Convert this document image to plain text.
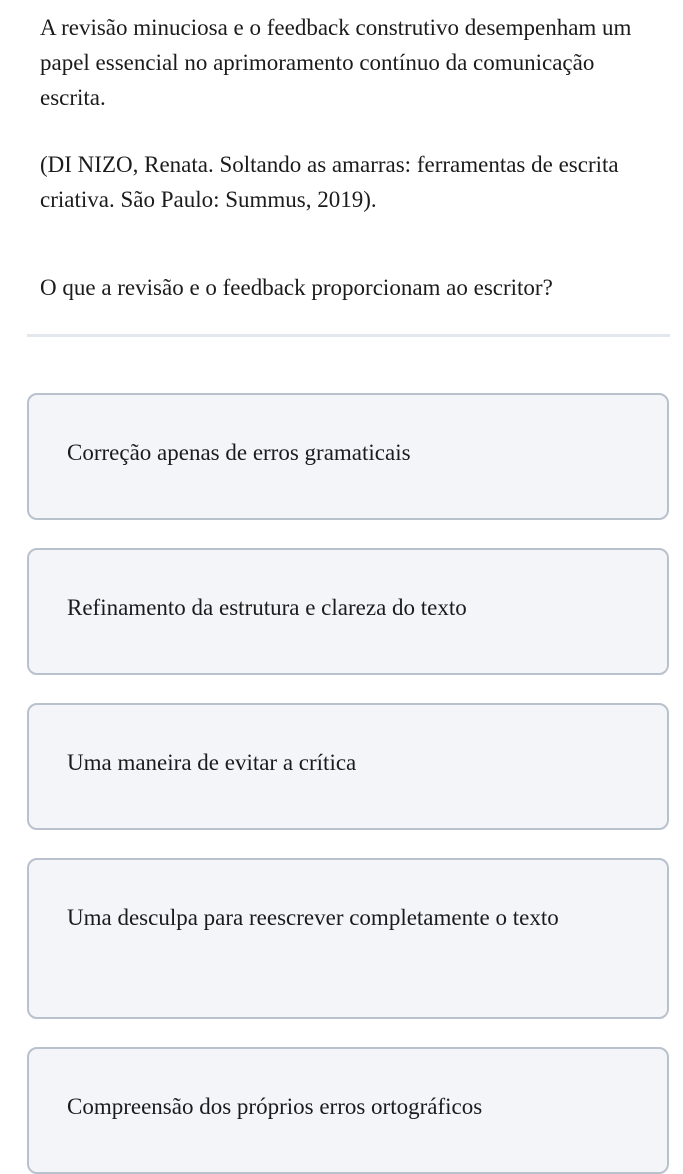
A revisão minuciosa e o feedback construtivo desempenham um papel essencial no aprimoramento contínuo da comunicação escrita.

(DI NIZO, Renata. Soltando as amarras: ferramentas de escrita criativa. São Paulo: Summus, 2019).

O que a revisão e o feedback proporcionam ao escritor?

Correção apenas de erros gramaticais
Refinamento da estrutura e clareza do texto
Uma maneira de evitar a crítica
Uma desculpa para reescrever completamente o texto
Compreensão dos próprios erros ortográficos
